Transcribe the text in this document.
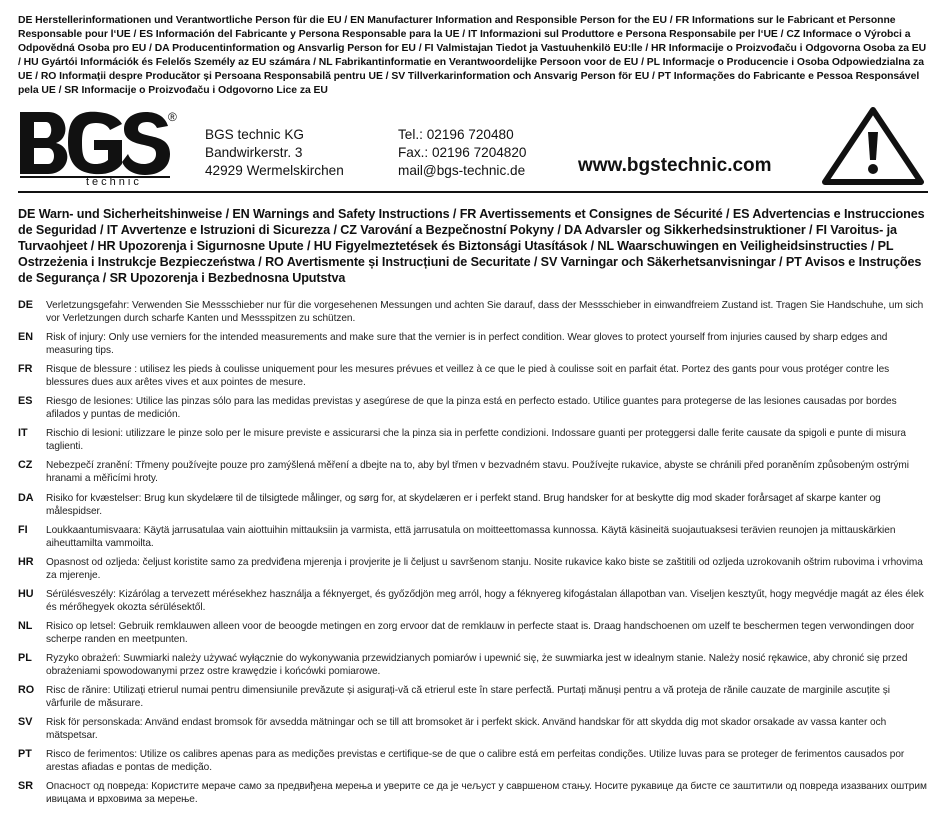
DE Herstellerinformationen und Verantwortliche Person für die EU / EN Manufacturer Information and Responsible Person for the EU / FR Informations sur le Fabricant et Personne Responsable pour l‘UE / ES Información del Fabricante y Persona Responsable para la UE / IT Informazioni sul Produttore e Persona Responsabile per l‘UE / CZ Informace o Výrobci a Odpovědná Osoba pro EU / DA Producentinformation og Ansvarlig Person for EU / FI Valmistajan Tiedot ja Vastuuhenkilö EU:lle / HR Informacije o Proizvođaču i Odgovorna Osoba za EU / HU Gyártói Információk és Felelős Személy az EU számára / NL Fabrikantinformatie en Verantwoordelijke Persoon voor de EU / PL Informacje o Producencie i Osoba Odpowiedzialna za UE / RO Informații despre Producător și Persoana Responsabilă pentru UE / SV Tillverkarinformation och Ansvarig Person för EU / PT Informações do Fabricante e Pessoa Responsável pela UE / SR Informacije o Proizvođaču i Odgovorno Lice za EU
®
technic
BGS technic KG
Bandwirkerstr. 3
42929 Wermelskirchen
Tel.: 02196 720480
Fax.: 02196 7204820
mail@bgs-technic.de	www.bgstechnic.com
DE Warn- und Sicherheitshinweise / EN Warnings and Safety Instructions / FR Avertissements et Consignes de Sécurité / ES Advertencias e Instrucciones de Seguridad / IT Avvertenze e Istruzioni di Sicurezza / CZ Varování a Bezpečnostní Pokyny / DA Advarsler og Sikkerhedsinstruktioner / FI Varoitus- ja Turvaohjeet / HR Upozorenja i Sigurnosne Upute / HU Figyelmeztetések és Biztonsági Utasítások / NL Waarschuwingen en Veiligheidsinstructies / PL Ostrzeżenia i Instrukcje Bezpieczeństwa / RO Avertismente și Instrucțiuni de Securitate / SV Varningar och Säkerhetsanvisningar / PT Avisos e Instruções de Segurança / SR Upozorenja i Bezbednosna Uputstva
DE	Verletzungsgefahr: Verwenden Sie Messschieber nur für die vorgesehenen Messungen und achten Sie darauf, dass der Messschieber in einwandfreiem Zustand ist. Tragen Sie Handschuhe, um sich vor Verletzungen durch scharfe Kanten und Messspitzen zu schützen.
EN	Risk of injury: Only use verniers for the intended measurements and make sure that the vernier is in perfect condition. Wear gloves to protect yourself from injuries caused by sharp edges and measuring tips.
FR	Risque de blessure : utilisez les pieds à coulisse uniquement pour les mesures prévues et veillez à ce que le pied à coulisse soit en parfait état. Portez des gants pour vous protéger contre les blessures dues aux arêtes vives et aux pointes de mesure.
ES	Riesgo de lesiones: Utilice las pinzas sólo para las medidas previstas y asegúrese de que la pinza está en perfecto estado. Utilice guantes para protegerse de las lesiones causadas por bordes afilados y puntas de medición.
IT	Rischio di lesioni: utilizzare le pinze solo per le misure previste e assicurarsi che la pinza sia in perfette condizioni. Indossare guanti per proteggersi dalle ferite causate da spigoli e punte di misura taglienti.
CZ	Nebezpečí zranění: Třmeny používejte pouze pro zamýšlená měření a dbejte na to, aby byl třmen v bezvadném stavu. Používejte rukavice, abyste se chránili před poraněním způsobeným ostrými hranami a měřicími hroty.
DA	Risiko for kvæstelser: Brug kun skydelære til de tilsigtede målinger, og sørg for, at skydelæren er i perfekt stand. Brug handsker for at beskytte dig mod skader forårsaget af skarpe kanter og målespidser.
FI	Loukkaantumisvaara: Käytä jarrusatulaa vain aiottuihin mittauksiin ja varmista, että jarrusatula on moitteettomassa kunnossa. Käytä käsineitä suojautuaksesi terävien reunojen ja mittauskärkien aiheuttamilta vammoilta.
HR	Opasnost od ozljeda: čeljust koristite samo za predviđena mjerenja i provjerite je li čeljust u savršenom stanju. Nosite rukavice kako biste se zaštitili od ozljeda uzrokovanih oštrim rubovima i vrhovima za mjerenje.
HU	Sérülésveszély: Kizárólag a tervezett mérésekhez használja a féknyerget, és győződjön meg arról, hogy a féknyereg kifogástalan állapotban van. Viseljen kesztyűt, hogy megvédje magát az éles élek és mérőhegyek okozta sérülésektől.
NL	Risico op letsel: Gebruik remklauwen alleen voor de beoogde metingen en zorg ervoor dat de remklauw in perfecte staat is. Draag handschoenen om uzelf te beschermen tegen verwondingen door scherpe randen en meetpunten.
PL	Ryzyko obrażeń: Suwmiarki należy używać wyłącznie do wykonywania przewidzianych pomiarów i upewnić się, że suwmiarka jest w idealnym stanie. Należy nosić rękawice, aby chronić się przed obrażeniami spowodowanymi przez ostre krawędzie i końcówki pomiarowe.
RO	Risc de rănire: Utilizați etrierul numai pentru dimensiunile prevăzute și asigurați-vă că etrierul este în stare perfectă. Purtați mănuși pentru a vă proteja de rănile cauzate de marginile ascuțite și vârfurile de măsurare.
SV	Risk för personskada: Använd endast bromsok för avsedda mätningar och se till att bromsoket är i perfekt skick. Använd handskar för att skydda dig mot skador orsakade av vassa kanter och mätspetsar.
PT	Risco de ferimentos: Utilize os calibres apenas para as medições previstas e certifique-se de que o calibre está em perfeitas condições. Utilize luvas para se proteger de ferimentos causados por arestas afiadas e pontas de medição.
SR	Опасност од повреда: Користите мераче само за предвиђена мерења и уверите се да је чељуст у савршеном стању. Носите рукавице да бисте се заштитили од повреда изазваних оштрим ивицама и врховима за мерење.
